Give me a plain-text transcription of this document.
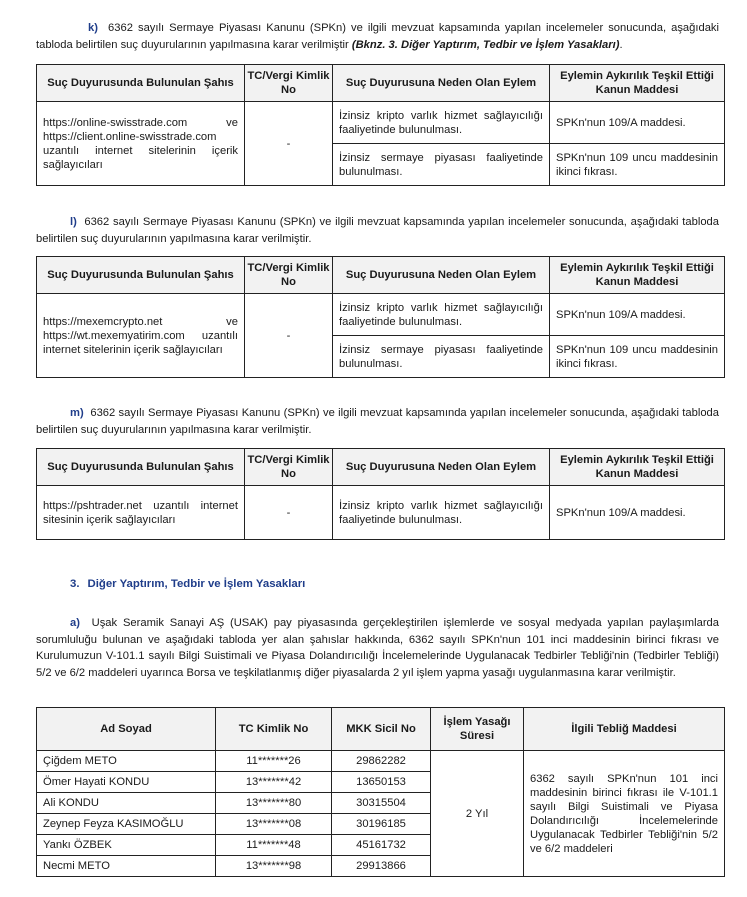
k) 6362 sayılı Sermaye Piyasası Kanunu (SPKn) ve ilgili mevzuat kapsamında yapılan incelemeler sonucunda, aşağıdaki tabloda belirtilen suç duyurularının yapılmasına karar verilmiştir (Bknz. 3. Diğer Yaptırım, Tedbir ve İşlem Yasakları).

Suç Duyurusunda Bulunulan Şahıs	TC/Vergi Kimlik No	Suç Duyurusuna Neden Olan Eylem	Eylemin Aykırılık Teşkil Ettiği Kanun Maddesi
https://online-swisstrade.com ve https://client.online-swisstrade.com uzantılı internet sitelerinin içerik sağlayıcıları	-	İzinsiz kripto varlık hizmet sağlayıcılığı faaliyetinde bulunulması.	SPKn'nun 109/A maddesi.
		İzinsiz sermaye piyasası faaliyetinde bulunulması.	SPKn'nun 109 uncu maddesinin ikinci fıkrası.

l) 6362 sayılı Sermaye Piyasası Kanunu (SPKn) ve ilgili mevzuat kapsamında yapılan incelemeler sonucunda, aşağıdaki tabloda belirtilen suç duyurularının yapılmasına karar verilmiştir.

Suç Duyurusunda Bulunulan Şahıs	TC/Vergi Kimlik No	Suç Duyurusuna Neden Olan Eylem	Eylemin Aykırılık Teşkil Ettiği Kanun Maddesi
https://mexemcrypto.net ve https://wt.mexemyatirim.com uzantılı internet sitelerinin içerik sağlayıcıları	-	İzinsiz kripto varlık hizmet sağlayıcılığı faaliyetinde bulunulması.	SPKn'nun 109/A maddesi.
		İzinsiz sermaye piyasası faaliyetinde bulunulması.	SPKn'nun 109 uncu maddesinin ikinci fıkrası.

m) 6362 sayılı Sermaye Piyasası Kanunu (SPKn) ve ilgili mevzuat kapsamında yapılan incelemeler sonucunda, aşağıdaki tabloda belirtilen suç duyurularının yapılmasına karar verilmiştir.

Suç Duyurusunda Bulunulan Şahıs	TC/Vergi Kimlik No	Suç Duyurusuna Neden Olan Eylem	Eylemin Aykırılık Teşkil Ettiği Kanun Maddesi
https://pshtrader.net uzantılı internet sitesinin içerik sağlayıcıları	-	İzinsiz kripto varlık hizmet sağlayıcılığı faaliyetinde bulunulması.	SPKn'nun 109/A maddesi.
3. Diğer Yaptırım, Tedbir ve İşlem Yasakları

a) Uşak Seramik Sanayi AŞ (USAK) pay piyasasında gerçekleştirilen işlemlerde ve sosyal medyada yapılan paylaşımlarda sorumluluğu bulunan ve aşağıdaki tabloda yer alan şahıslar hakkında, 6362 sayılı SPKn'nun 101 inci maddesinin birinci fıkrası ve Kurulumuzun V-101.1 sayılı Bilgi Suistimali ve Piyasa Dolandırıcılığı İncelemelerinde Uygulanacak Tedbirler Tebliği'nin (Tedbirler Tebliği) 5/2 ve 6/2 maddeleri uyarınca Borsa ve teşkilatlanmış diğer piyasalarda 2 yıl işlem yapma yasağı uygulanmasına karar verilmiştir.

Ad Soyad	TC Kimlik No	MKK Sicil No	İşlem Yasağı Süresi	İlgili Tebliğ Maddesi
Çiğdem METO	11*******26	29862282	2 Yıl	6362 sayılı SPKn'nun 101 inci maddesinin birinci fıkrası ile V-101.1 sayılı Bilgi Suistimali ve Piyasa Dolandırıcılığı İncelemelerinde Uygulanacak Tedbirler Tebliği'nin 5/2 ve 6/2 maddeleri
Ömer Hayati KONDU	13*******42	13650153		
Ali KONDU	13*******80	30315504		
Zeynep Feyza KASIMOĞLU	13*******08	30196185		
Yankı ÖZBEK	11*******48	45161732		
Necmi METO	13*******98	29913866		
